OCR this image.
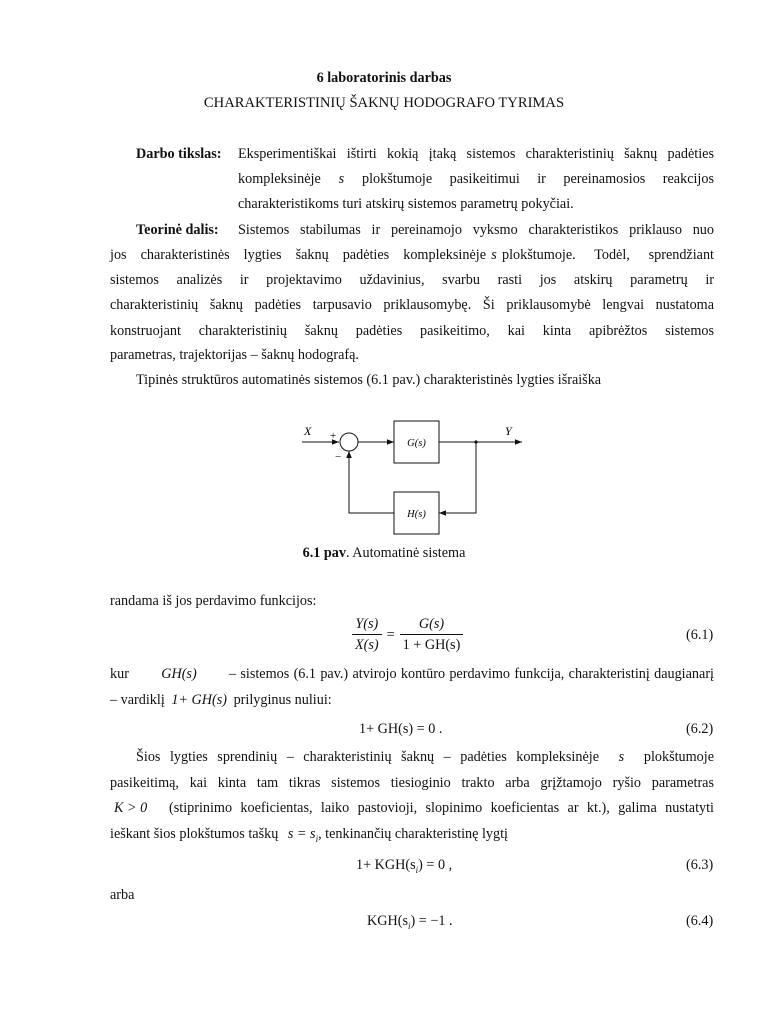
6 laboratorinis darbas
CHARAKTERISTINIŲ ŠAKNŲ HODOGRAFO TYRIMAS
Darbo tikslas: Eksperimentiškai ištirti kokią įtaką sistemos charakteristinių šaknų padėties
kompleksinėje s plokštumoje pasikeitimui ir pereinamosios reakcijos
charakteristikoms turi atskirų sistemos parametrų pokyčiai.
Teorinė dalis: Sistemos stabilumas ir pereinamojo vyksmo charakteristikos priklauso nuo
jos charakteristinės lygties šaknų padėties kompleksinėje s plokštumoje. Todėl, sprendžiant
sistemos analizės ir projektavimo uždavinius, svarbu rasti jos atskirų parametrų ir
charakteristinių šaknų padėties tarpusavio priklausomybę. Ši priklausomybė lengvai nustatoma
konstruojant charakteristinių šaknų padėties pasikeitimo, kai kinta apibrėžtos sistemos
parametras, trajektorijas – šaknų hodografą.
Tipinės struktūros automatinės sistemos (6.1 pav.) charakteristinės lygties išraiška
X	Y
+
−
G(s)
H(s)
6.1 pav. Automatinė sistema
randama iš jos perdavimo funkcijos:
$\frac{Y(s)}{X(s)} = \frac{G(s)}{1 + GH(s)}$	(6.1)
kur GH(s) – sistemos (6.1 pav.) atvirojo kontūro perdavimo funkcija, charakteristinį daugianarį
– vardiklį 1+ GH(s) prilyginus nuliui:
1+ GH(s) = 0 .	(6.2)
Šios lygties sprendinių – charakteristinių šaknų – padėties kompleksinėje s plokštumoje
pasikeitimą, kai kinta tam tikras sistemos tiesioginio trakto arba grįžtamojo ryšio parametras
K > 0 (stiprinimo koeficientas, laiko pastovioji, slopinimo koeficientas ar kt.), galima nustatyti
ieškant šios plokštumos taškų $s = s_i$, tenkinančių charakteristinę lygtį
$1+ KGH(s_i) = 0$ ,	(6.3)
arba
$KGH(s_i) = -1$ .	(6.4)
